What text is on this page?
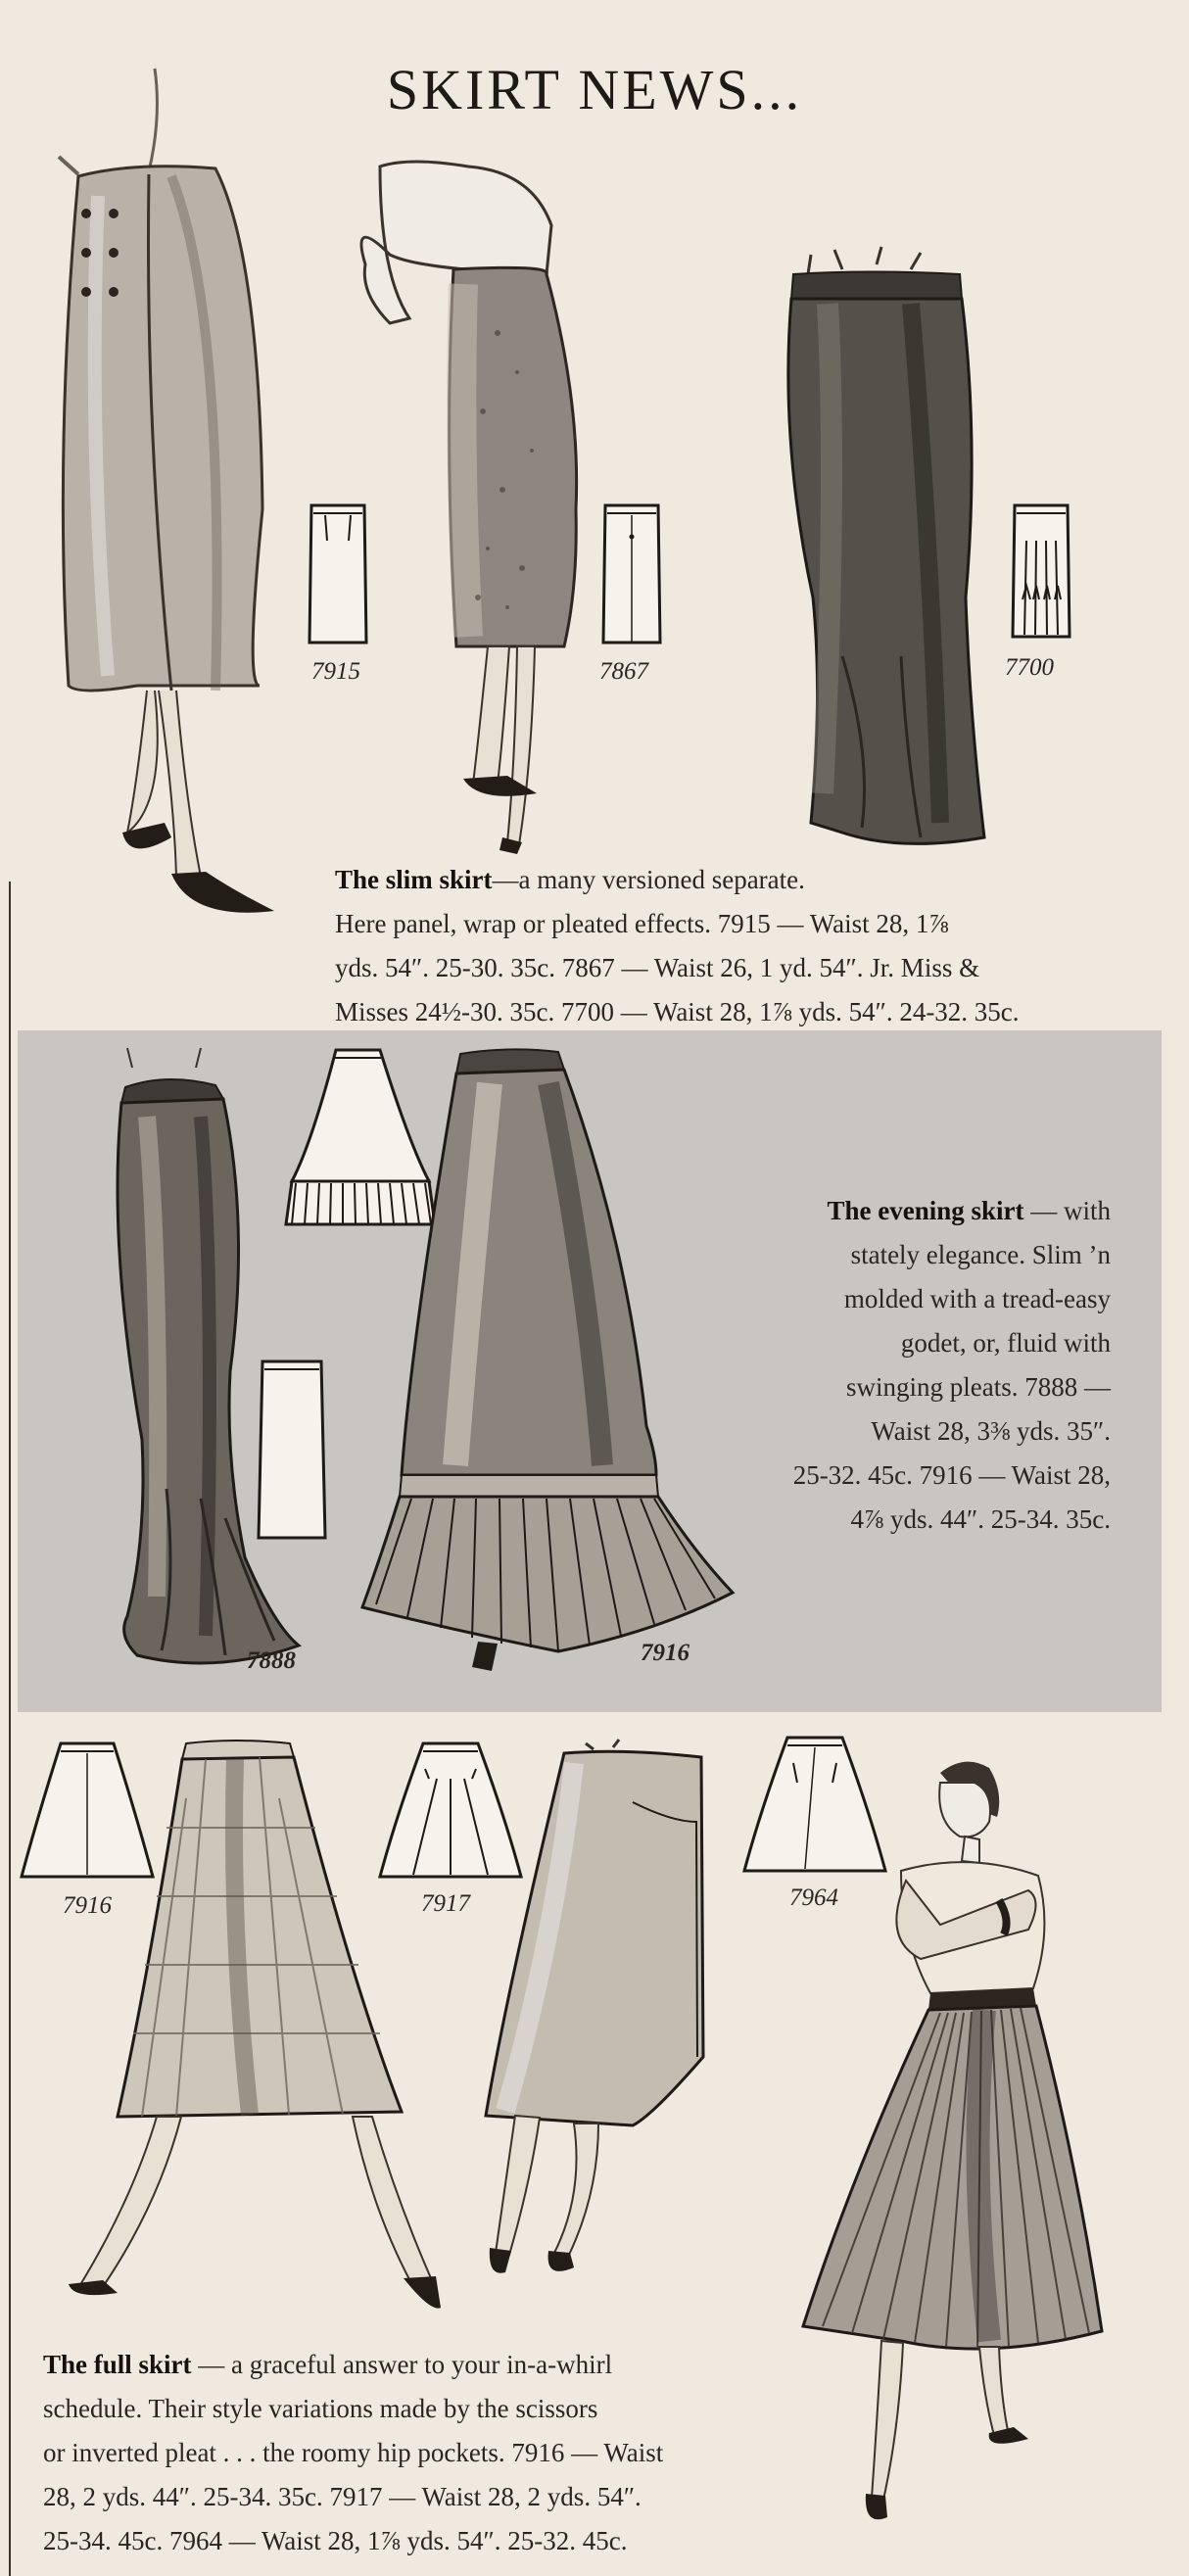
SKIRT NEWS...
7915	7867	7700
The slim skirt—a many versioned separate.
Here panel, wrap or pleated effects. 7915 — Waist 28, 1⅞
yds. 54″. 25-30. 35c. 7867 — Waist 26, 1 yd. 54″. Jr. Miss &
Misses 24½-30. 35c. 7700 — Waist 28, 1⅞ yds. 54″. 24-32. 35c.
7888	7916
The evening skirt — with
stately elegance. Slim ’n
molded with a tread-easy
godet, or, fluid with
swinging pleats. 7888 —
Waist 28, 3⅜ yds. 35″.
25-32. 45c. 7916 — Waist 28,
4⅞ yds. 44″. 25-34. 35c.
7916	7917	7964
The full skirt — a graceful answer to your in-a-whirl
schedule. Their style variations made by the scissors
or inverted pleat . . . the roomy hip pockets. 7916 — Waist
28, 2 yds. 44″. 25-34. 35c. 7917 — Waist 28, 2 yds. 54″.
25-34. 45c. 7964 — Waist 28, 1⅞ yds. 54″. 25-32. 45c.
